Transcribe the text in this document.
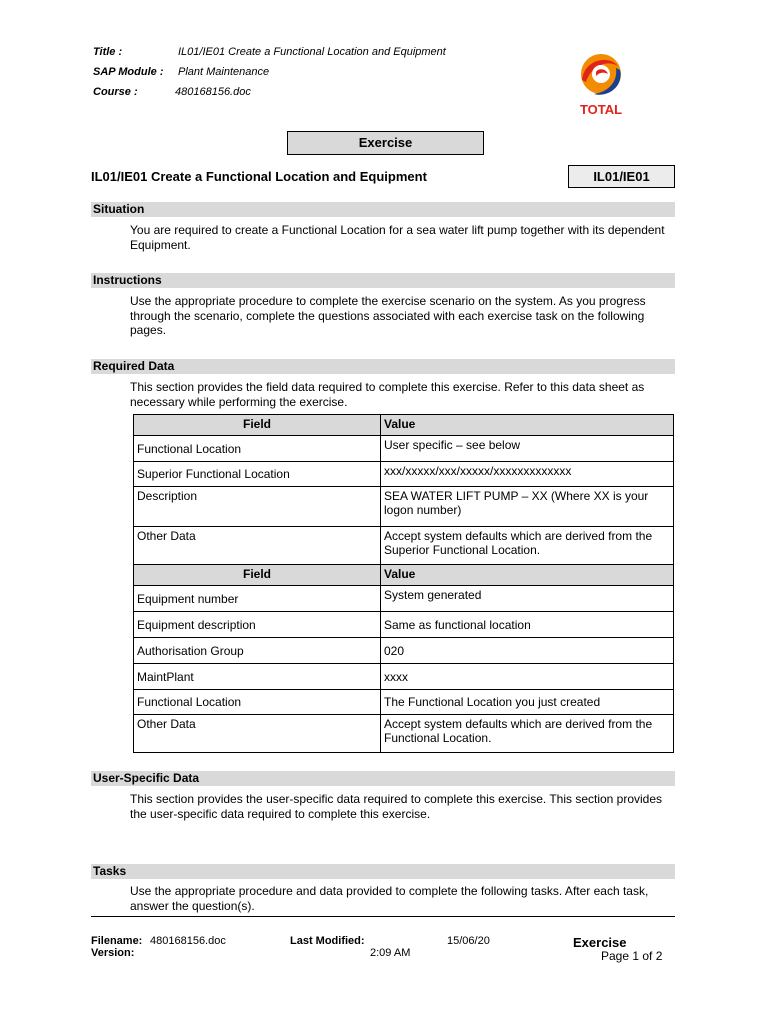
Title :	IL01/IE01 Create a Functional Location and Equipment
SAP Module : Plant Maintenance
Course :	480168156.doc
TOTAL
Exercise
IL01/IE01 Create a Functional Location and Equipment	IL01/IE01
Situation
You are required to create a Functional Location for a sea water lift pump together with its dependent Equipment.
Instructions
Use the appropriate procedure to complete the exercise scenario on the system. As you progress through the scenario, complete the questions associated with each exercise task on the following pages.
Required Data
This section provides the field data required to complete this exercise. Refer to this data sheet as necessary while performing the exercise.
Field	Value
Functional Location	User specific – see below
Superior Functional Location	xxx/xxxxx/xxx/xxxxx/xxxxxxxxxxxxx
Description	SEA WATER LIFT PUMP – XX (Where XX is your logon number)
Other Data	Accept system defaults which are derived from the Superior Functional Location.
Field	Value
Equipment number	System generated
Equipment description	Same as functional location
Authorisation Group	020
MaintPlant	xxxx
Functional Location	The Functional Location you just created
Other Data	Accept system defaults which are derived from the Functional Location.
User-Specific Data
This section provides the user-specific data required to complete this exercise. This section provides the user-specific data required to complete this exercise.
Tasks
Use the appropriate procedure and data provided to complete the following tasks. After each task, answer the question(s).
Filename: 480168156.doc
Version:
Last Modified:	15/06/20
2:09 AM
Exercise
Page 1 of 2
